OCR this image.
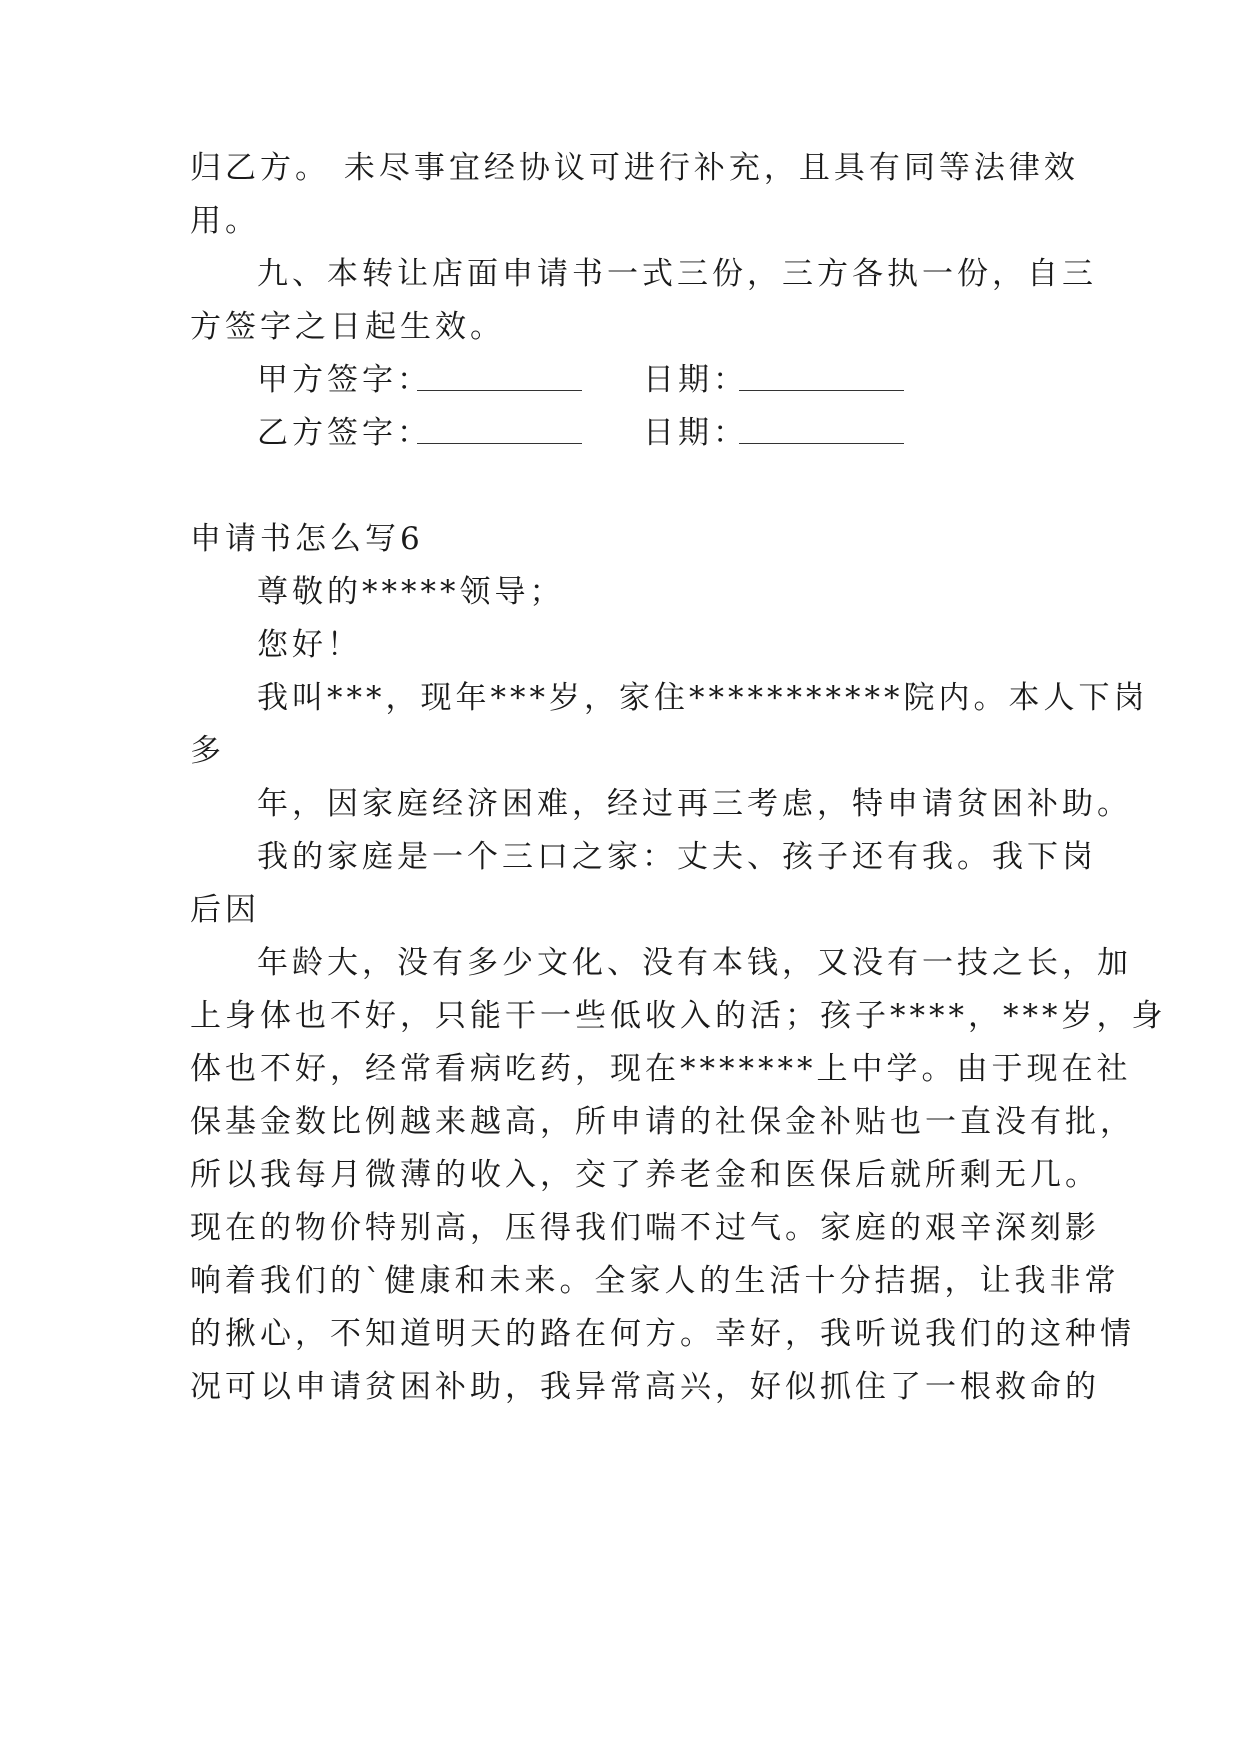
归乙方。 未尽事宜经协议可进行补充，且具有同等法律效
用。
九、本转让店面申请书一式三份，三方各执一份，自三
方签字之日起生效。
甲方签字：	日期：
乙方签字：	日期：
申请书怎么写6
尊敬的*****领导；
您好！
我叫***，现年***岁，家住***********院内。本人下岗
多
年，因家庭经济困难，经过再三考虑，特申请贫困补助。
我的家庭是一个三口之家：丈夫、孩子还有我。我下岗
后因
年龄大，没有多少文化、没有本钱，又没有一技之长，加
上身体也不好，只能干一些低收入的活；孩子****，***岁，身
体也不好，经常看病吃药，现在*******上中学。由于现在社
保基金数比例越来越高，所申请的社保金补贴也一直没有批，
所以我每月微薄的收入，交了养老金和医保后就所剩无几。
现在的物价特别高，压得我们喘不过气。家庭的艰辛深刻影
响着我们的`健康和未来。全家人的生活十分拮据，让我非常
的揪心，不知道明天的路在何方。幸好，我听说我们的这种情
况可以申请贫困补助，我异常高兴，好似抓住了一根救命的
